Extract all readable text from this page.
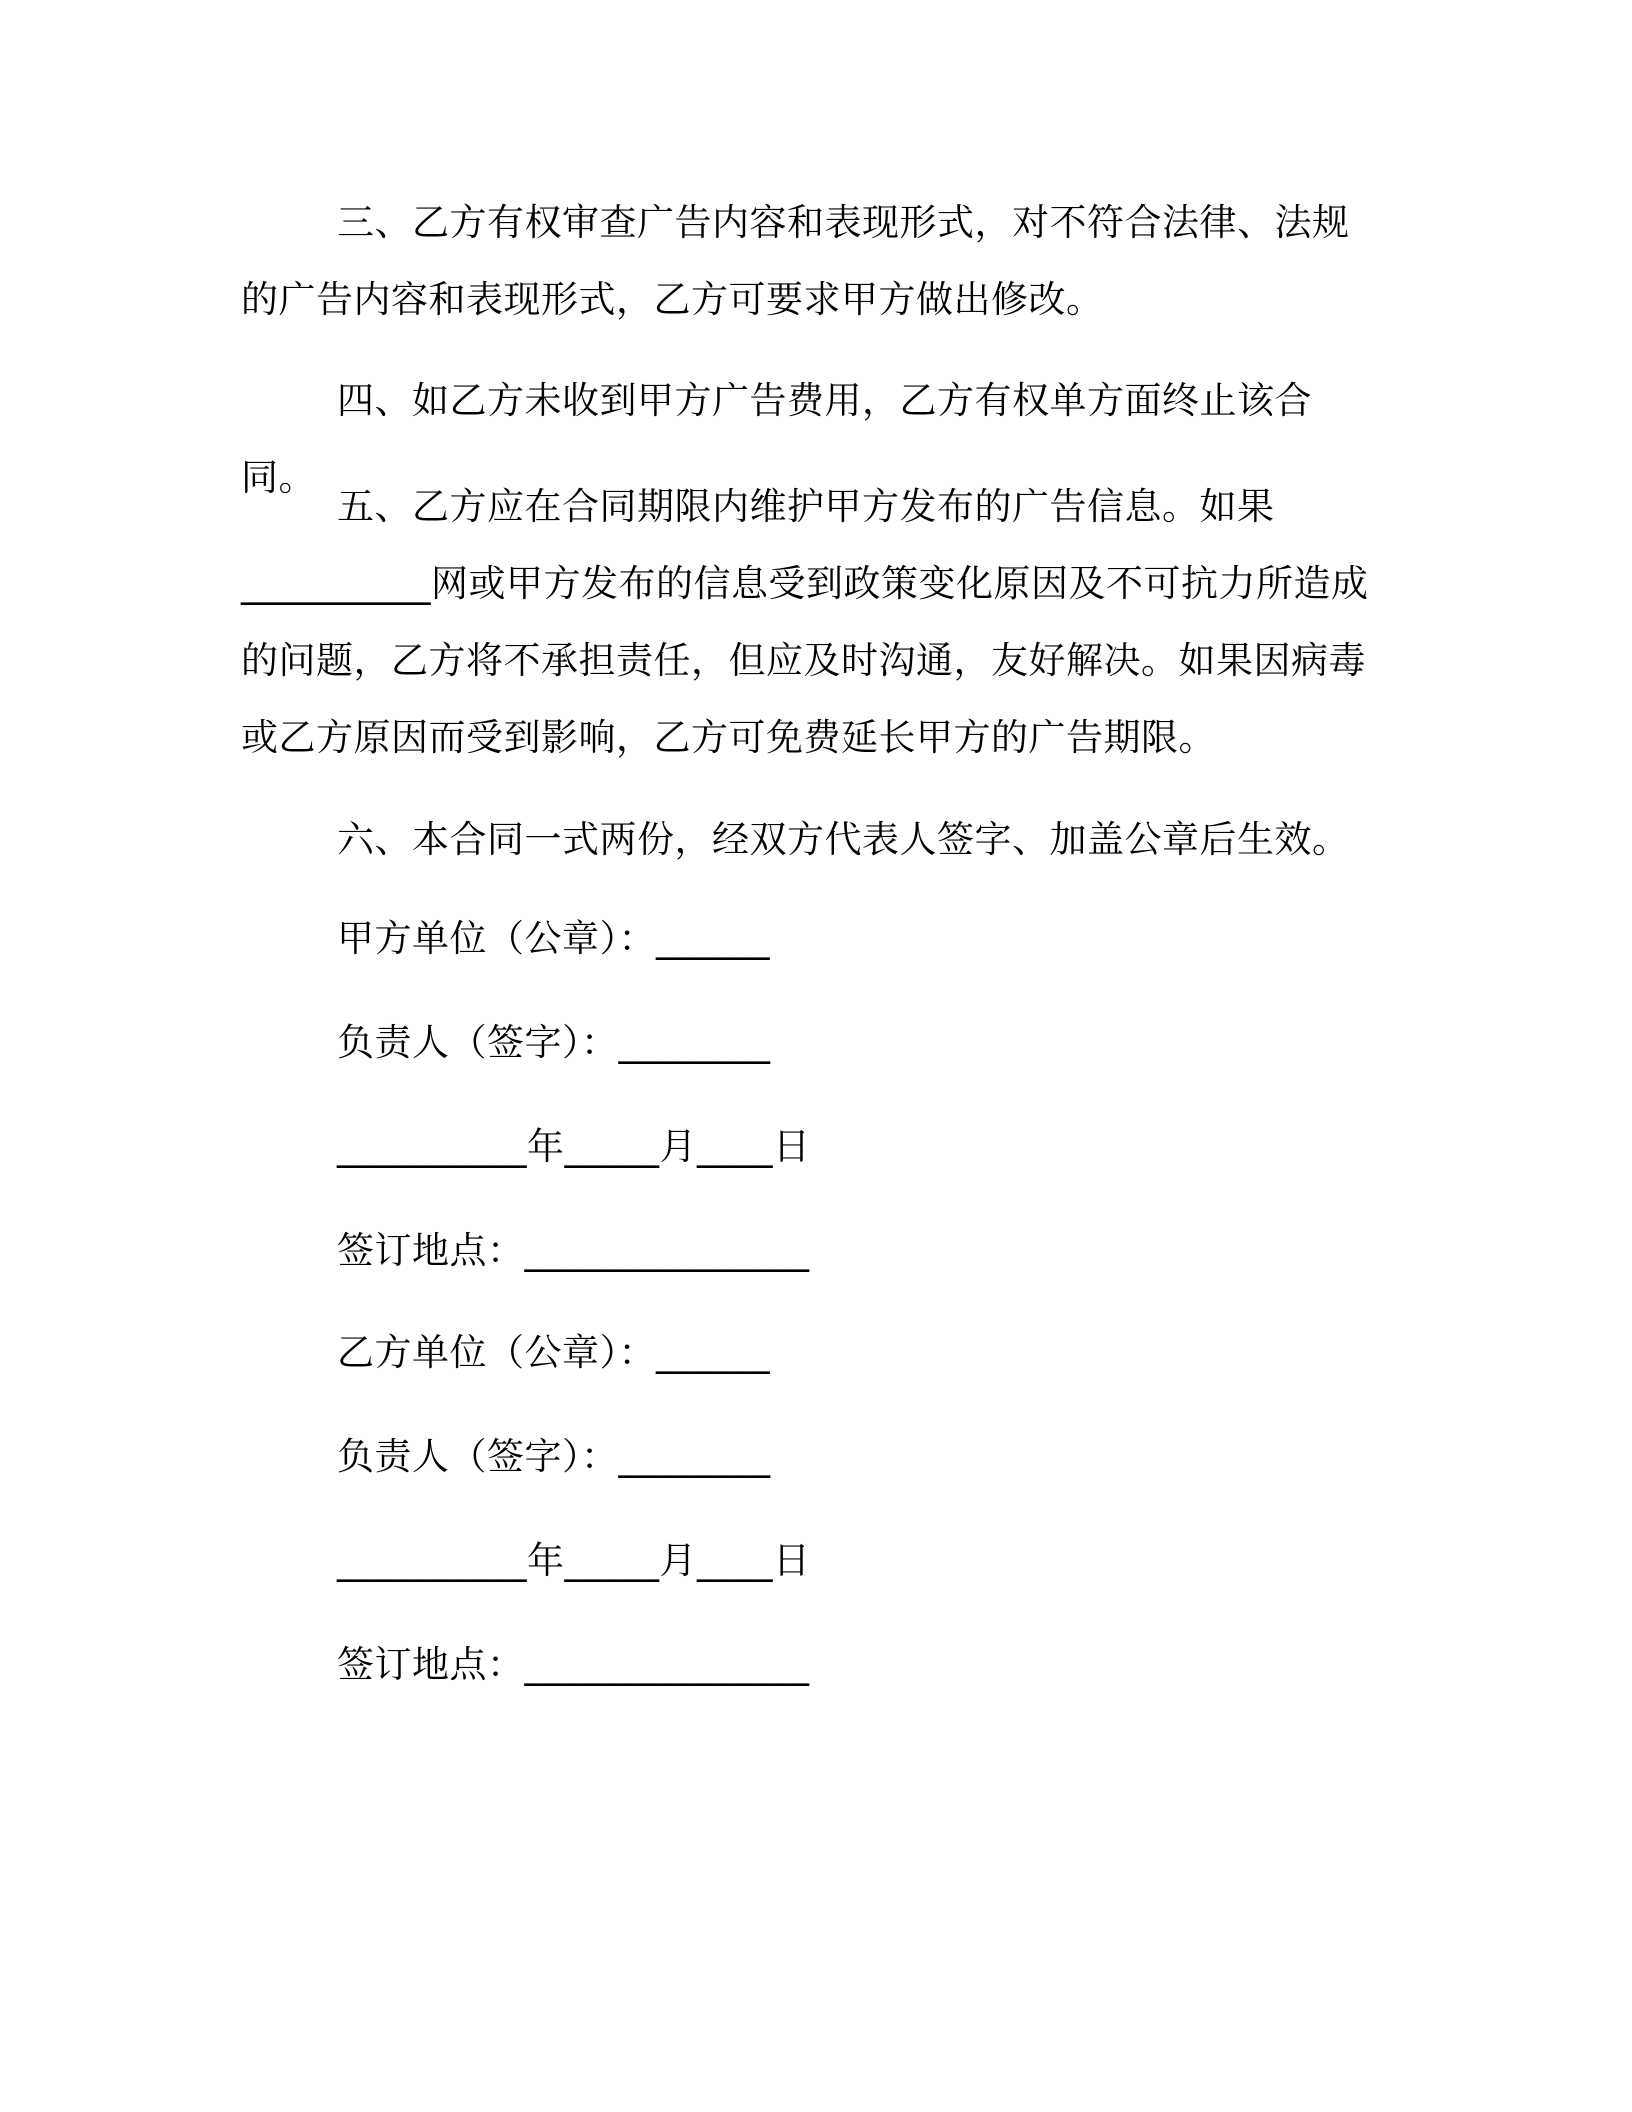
三、乙方有权审查广告内容和表现形式，对不符合法律、法规的广告内容和表现形式，乙方可要求甲方做出修改。

四、如乙方未收到甲方广告费用，乙方有权单方面终止该合同。

五、乙方应在合同期限内维护甲方发布的广告信息。如果__________网或甲方发布的信息受到政策变化原因及不可抗力所造成的问题，乙方将不承担责任，但应及时沟通，友好解决。如果因病毒或乙方原因而受到影响，乙方可免费延长甲方的广告期限。

六、本合同一式两份，经双方代表人签字、加盖公章后生效。

甲方单位（公章）：______

负责人（签字）：________

__________年_____月____日

签订地点：_______________

乙方单位（公章）：______

负责人（签字）：________

__________年_____月____日

签订地点：_______________
